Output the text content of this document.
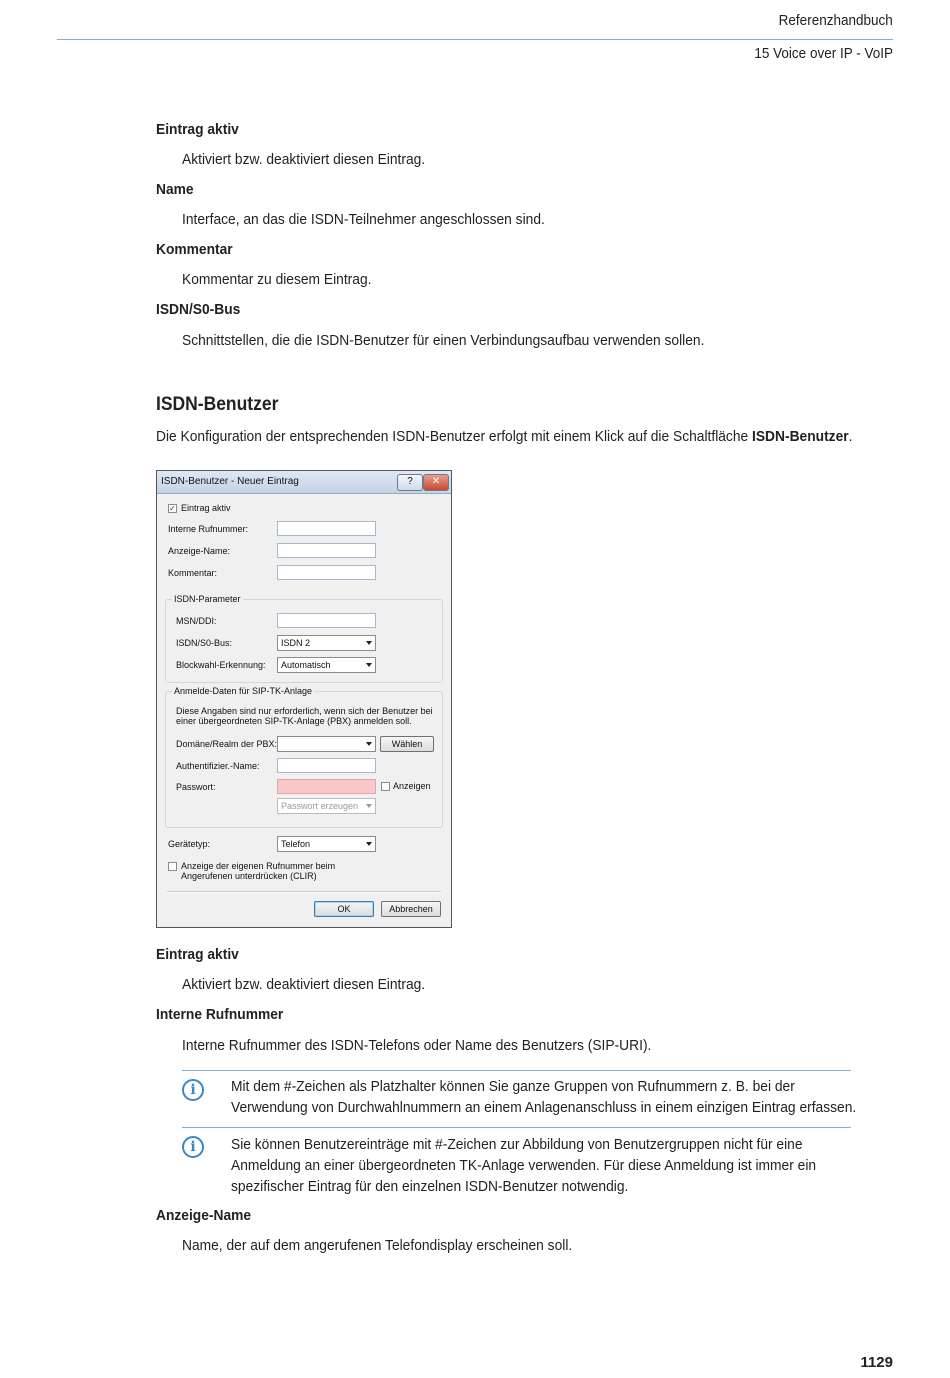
Referenzhandbuch
15 Voice over IP - VoIP
Eintrag aktiv
Aktiviert bzw. deaktiviert diesen Eintrag.
Name
Interface, an das die ISDN-Teilnehmer angeschlossen sind.
Kommentar
Kommentar zu diesem Eintrag.
ISDN/S0-Bus
Schnittstellen, die die ISDN-Benutzer für einen Verbindungsaufbau verwenden sollen.
ISDN-Benutzer
Die Konfiguration der entsprechenden ISDN-Benutzer erfolgt mit einem Klick auf die Schaltfläche ISDN-Benutzer.
ISDN-Benutzer - Neuer Eintrag	?	✕
✓ Eintrag aktiv
Interne Rufnummer:
Anzeige-Name:
Kommentar:
ISDN-Parameter
MSN/DDI:
ISDN/S0-Bus:	ISDN 2
Blockwahl-Erkennung:	Automatisch
Anmelde-Daten für SIP-TK-Anlage
Diese Angaben sind nur erforderlich, wenn sich der Benutzer bei einer übergeordneten SIP-TK-Anlage (PBX) anmelden soll.
Domäne/Realm der PBX:	Wählen
Authentifizier.-Name:
Passwort:	Anzeigen
Passwort erzeugen
Gerätetyp:	Telefon
Anzeige der eigenen Rufnummer beim Angerufenen unterdrücken (CLIR)
OK	Abbrechen
Eintrag aktiv
Aktiviert bzw. deaktiviert diesen Eintrag.
Interne Rufnummer
Interne Rufnummer des ISDN-Telefons oder Name des Benutzers (SIP-URI).
i	Mit dem #-Zeichen als Platzhalter können Sie ganze Gruppen von Rufnummern z. B. bei der Verwendung von Durchwahlnummern an einem Anlagenanschluss in einem einzigen Eintrag erfassen.
i	Sie können Benutzereinträge mit #-Zeichen zur Abbildung von Benutzergruppen nicht für eine Anmeldung an einer übergeordneten TK-Anlage verwenden. Für diese Anmeldung ist immer ein spezifischer Eintrag für den einzelnen ISDN-Benutzer notwendig.
Anzeige-Name
Name, der auf dem angerufenen Telefondisplay erscheinen soll.
1129
